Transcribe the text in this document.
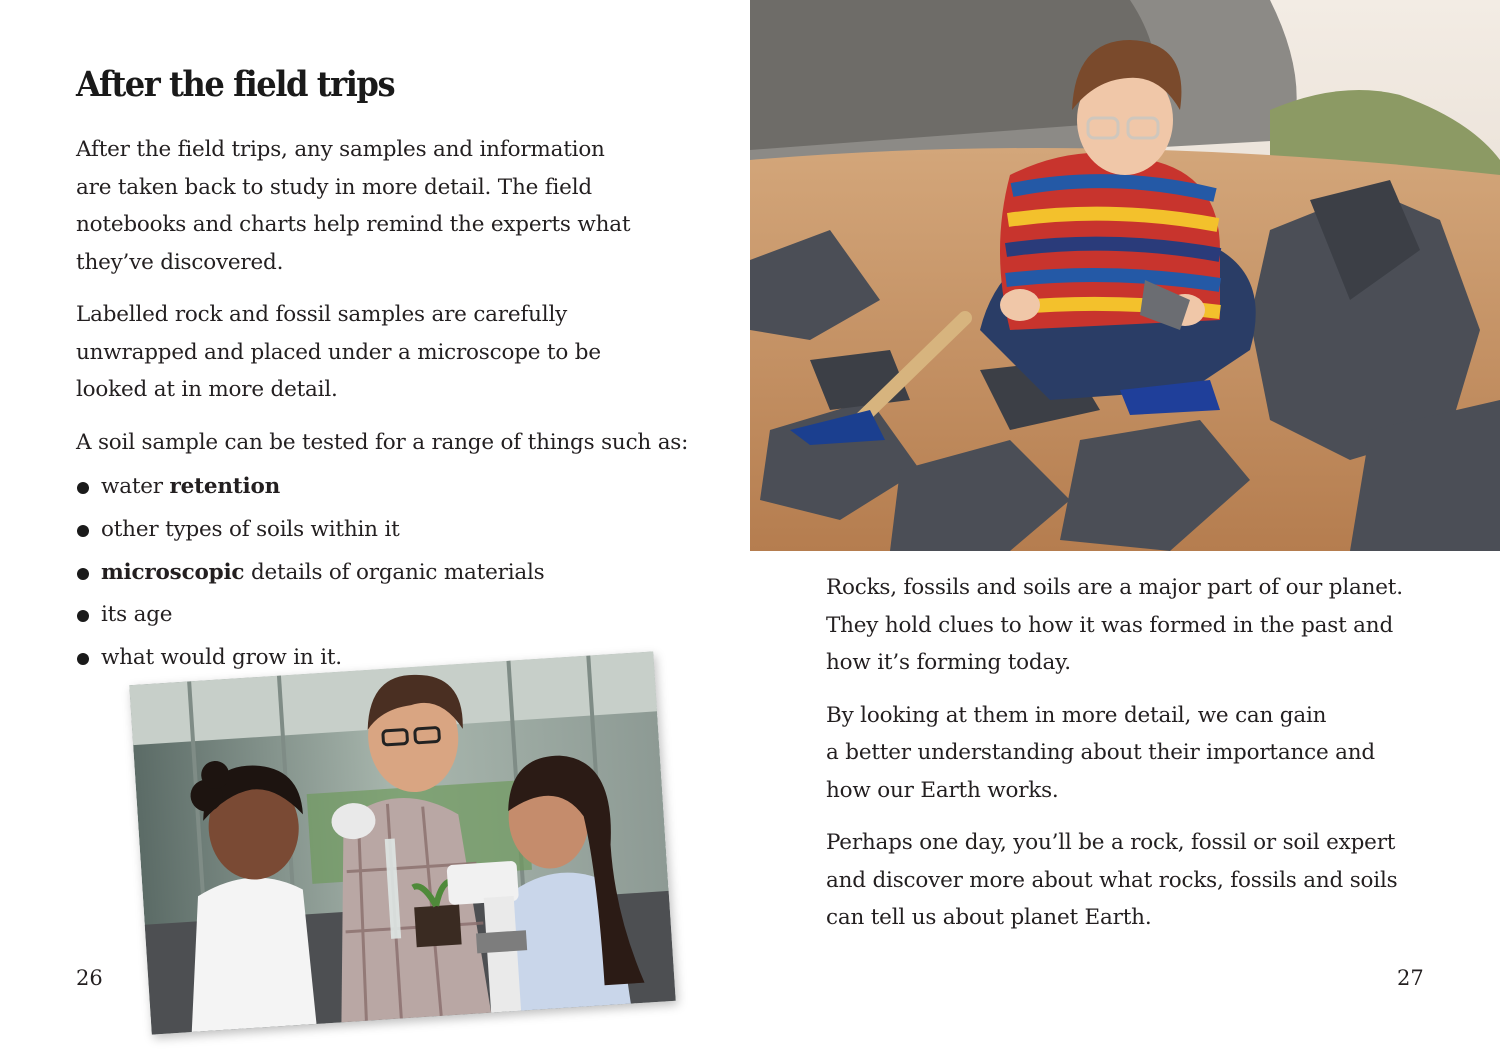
After the field trips

After the field trips, any samples and information
are taken back to study in more detail. The field
notebooks and charts help remind the experts what
they’ve discovered.

Labelled rock and fossil samples are carefully
unwrapped and placed under a microscope to be
looked at in more detail.

A soil sample can be tested for a range of things such as:

water retention
other types of soils within it
microscopic details of organic materials
its age
what would grow in it.
26

Rocks, fossils and soils are a major part of our planet.
They hold clues to how it was formed in the past and
how it’s forming today.

By looking at them in more detail, we can gain
a better understanding about their importance and
how our Earth works.

Perhaps one day, you’ll be a rock, fossil or soil expert
and discover more about what rocks, fossils and soils
can tell us about planet Earth.

27
